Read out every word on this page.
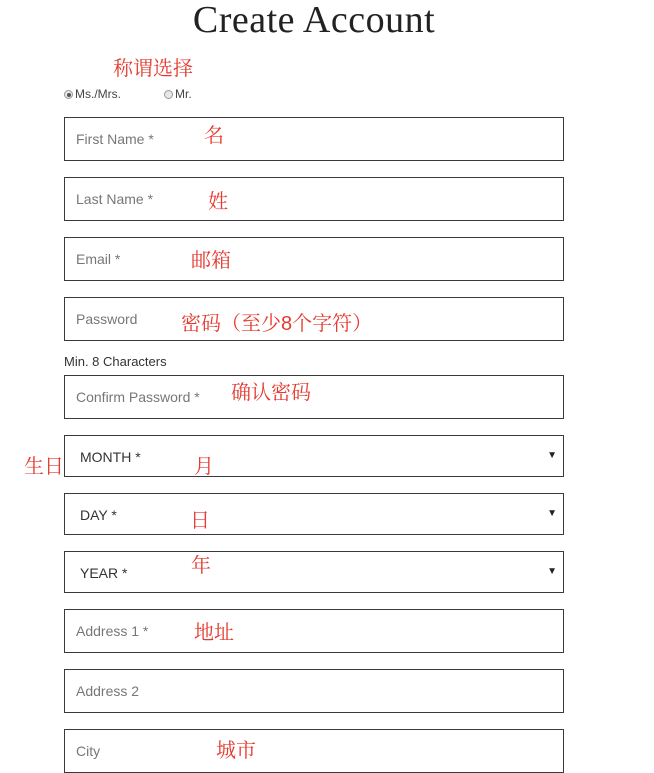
Create Account
称谓选择
Ms./Mrs.	Mr.
First Name *	名
Last Name *	姓
Email *	邮箱
Password 密码（至少8个字符）
Min. 8 Characters
Confirm Password * 确认密码
生日 MONTH *	▼
月
DAY *	▼
日
YEAR *	▼
年
Address 1 * 地址
Address 2
City	城市
